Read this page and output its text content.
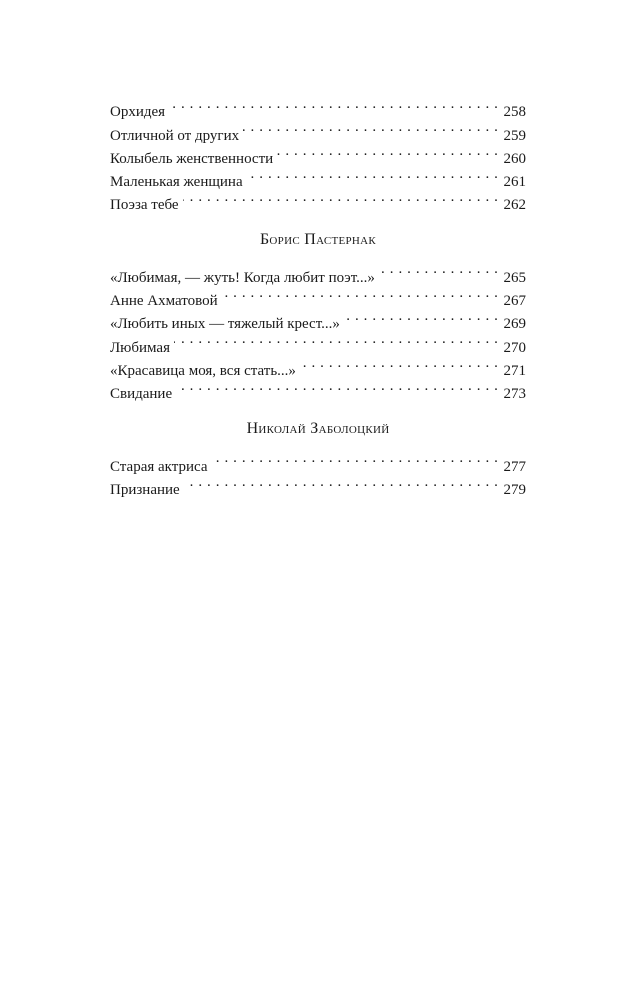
Орхидея . . .	258
Отличной от других . . .	259
Колыбель женственности . . .	260
Маленькая женщина . . .	261
Поэза тебе . . .	262
Борис Пастернак
«Любимая, — жуть! Когда любит поэт...» . . .	265
Анне Ахматовой . . .	267
«Любить иных — тяжелый крест...» . . .	269
Любимая . . .	270
«Красавица моя, вся стать...» . . .	271
Свидание . . .	273
Николай Заболоцкий
Старая актриса . . .	277
Признание . . .	279
